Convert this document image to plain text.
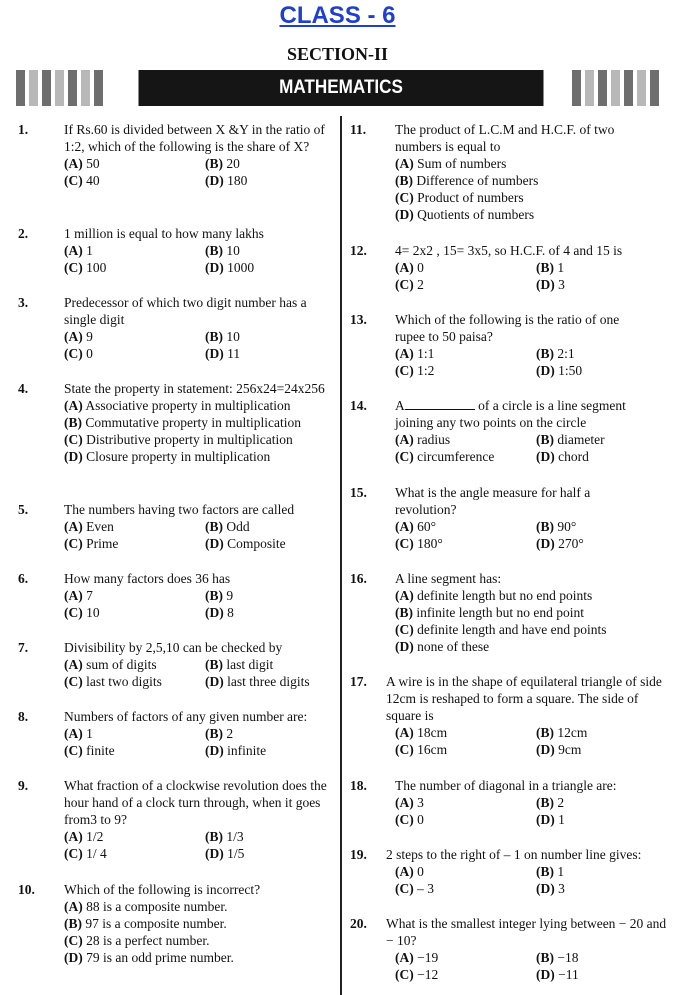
CLASS - 6
SECTION-II
MATHEMATICS
1.	If Rs.60 is divided between X &Y in the ratio of 1:2, which of the following is the share of X?
(A) 50	(B) 20
(C) 40	(D) 180
2.	1 million is equal to how many lakhs
(A) 1	(B) 10
(C) 100	(D) 1000
3.	Predecessor of which two digit number has a single digit
(A) 9	(B) 10
(C) 0	(D) 11
4.	State the property in statement: 256x24=24x256
(A) Associative property in multiplication
(B) Commutative property in multiplication
(C) Distributive property in multiplication
(D) Closure property in multiplication
5.	The numbers having two factors are called
(A) Even	(B) Odd
(C) Prime	(D) Composite
6.	How many factors does 36 has
(A) 7	(B) 9
(C) 10	(D) 8
7.	Divisibility by 2,5,10 can be checked by
(A) sum of digits	(B) last digit
(C) last two digits	(D) last three digits
8.	Numbers of factors of any given number are:
(A) 1	(B) 2
(C) finite	(D) infinite
9.	What fraction of a clockwise revolution does the hour hand of a clock turn through, when it goes from3 to 9?
(A) 1/2	(B) 1/3
(C) 1/ 4	(D) 1/5
10. Which of the following is incorrect?
(A) 88 is a composite number.
(B) 97 is a composite number.
(C) 28 is a perfect number.
(D) 79 is an odd prime number.
11. The product of L.C.M and H.C.F. of two numbers is equal to
(A) Sum of numbers
(B) Difference of numbers
(C) Product of numbers
(D) Quotients of numbers
12. 4= 2x2 , 15= 3x5, so H.C.F. of 4 and 15 is
(A) 0	(B) 1
(C) 2	(D) 3
13. Which of the following is the ratio of one rupee to 50 paisa?
(A) 1:1	(B) 2:1
(C) 1:2	(D) 1:50
14. A	of a circle is a line segment joining any two points on the circle
(A) radius	(B) diameter
(C) circumference	(D) chord
15. What is the angle measure for half a revolution?
(A) 60°	(B) 90°
(C) 180°	(D) 270°
16. A line segment has:
(A) definite length but no end points
(B) infinite length but no end point
(C) definite length and have end points
(D) none of these
17. A wire is in the shape of equilateral triangle of side 12cm is reshaped to form a square. The side of square is
(A) 18cm	(B) 12cm
(C) 16cm	(D) 9cm
18. The number of diagonal in a triangle are:
(A) 3	(B) 2
(C) 0	(D) 1
19. 2 steps to the right of – 1 on number line gives:
(A) 0	(B) 1
(C) – 3	(D) 3
20. What is the smallest integer lying between − 20 and − 10?
(A) −19	(B) −18
(C) −12	(D) −11
